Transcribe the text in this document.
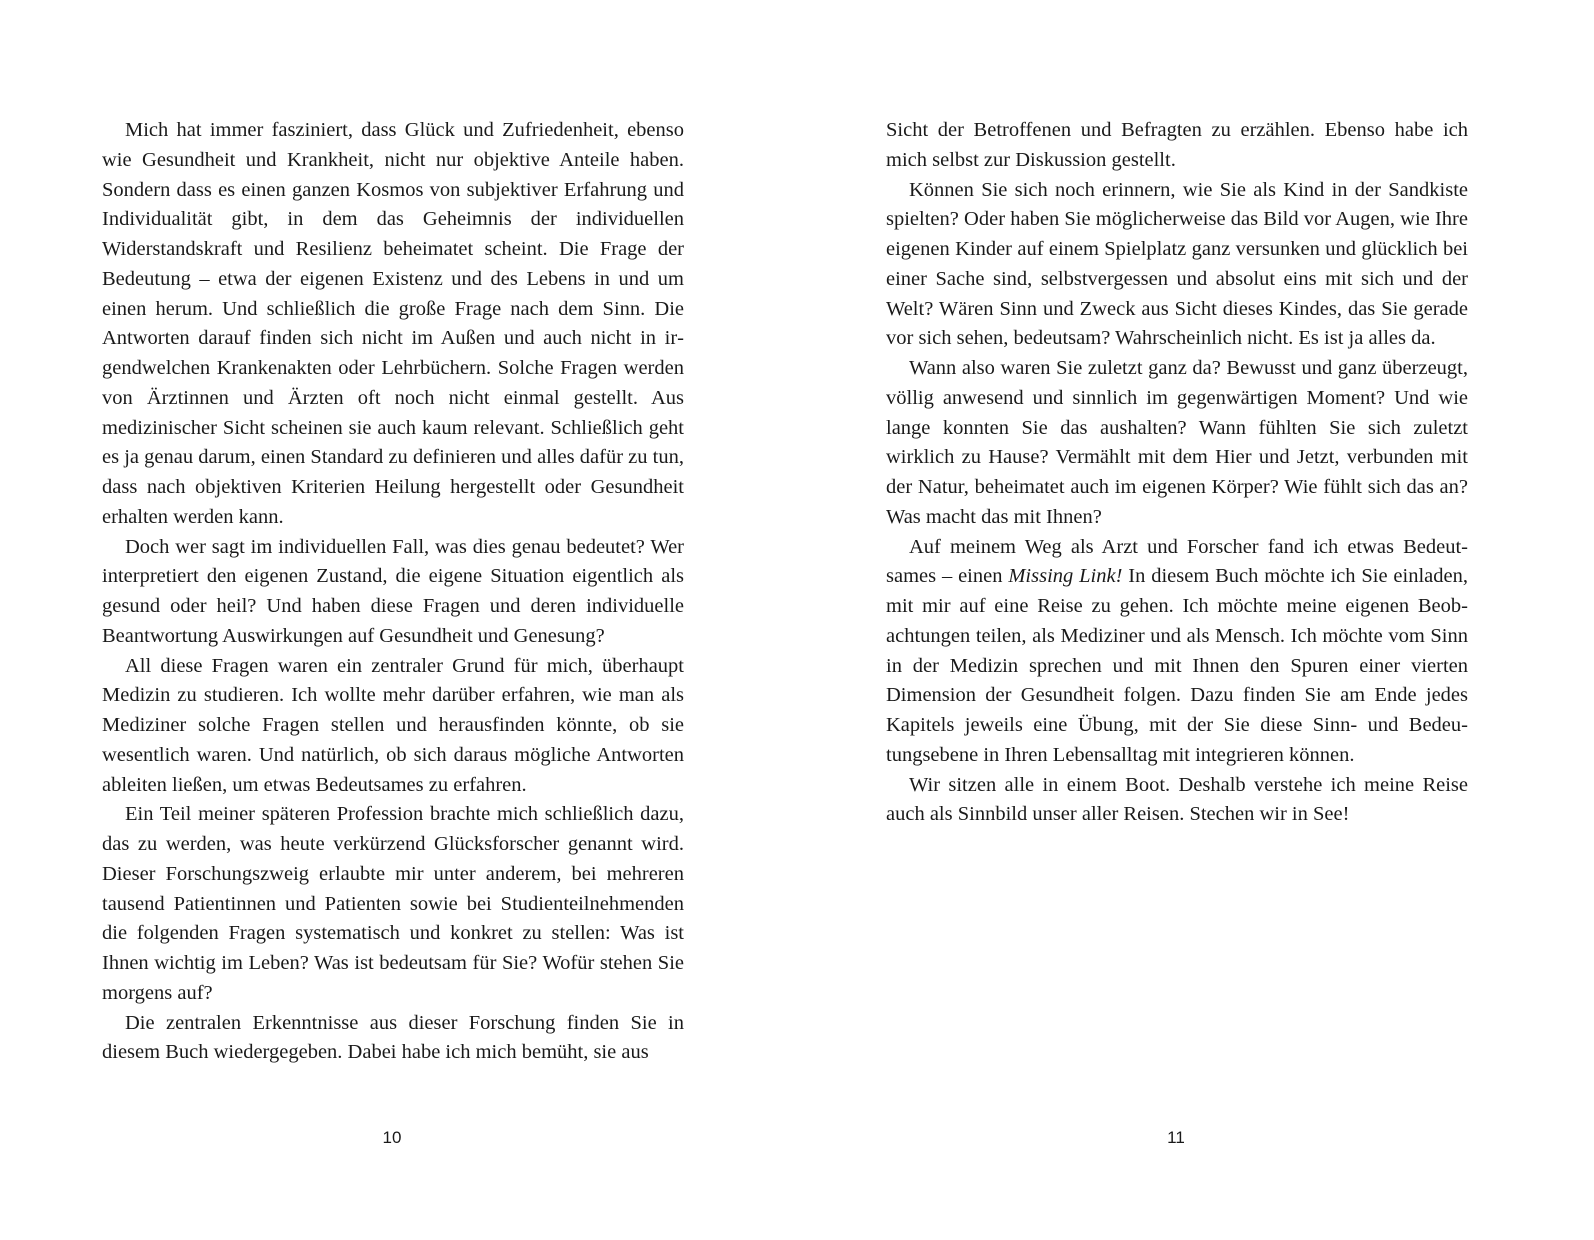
Mich hat immer fasziniert, dass Glück und Zufriedenheit, ebenso wie Gesundheit und Krankheit, nicht nur objektive Anteile haben. Sondern dass es einen ganzen Kosmos von subjektiver Erfahrung und Individualität gibt, in dem das Geheimnis der individuellen Widerstandskraft und Resilienz beheimatet scheint. Die Frage der Bedeutung – etwa der eigenen Existenz und des Lebens in und um einen herum. Und schließlich die große Frage nach dem Sinn. Die Antworten darauf finden sich nicht im Außen und auch nicht in irgendwelchen Krankenakten oder Lehrbüchern. Solche Fragen werden von Ärztinnen und Ärzten oft noch nicht einmal gestellt. Aus medizinischer Sicht scheinen sie auch kaum relevant. Schließlich geht es ja genau darum, einen Standard zu definieren und alles dafür zu tun, dass nach objektiven Kriterien Heilung hergestellt oder Gesundheit erhalten werden kann.

Doch wer sagt im individuellen Fall, was dies genau bedeutet? Wer interpretiert den eigenen Zustand, die eigene Situation eigentlich als gesund oder heil? Und haben diese Fragen und deren individuelle Beantwortung Auswirkungen auf Gesundheit und Genesung?

All diese Fragen waren ein zentraler Grund für mich, überhaupt Medizin zu studieren. Ich wollte mehr darüber erfahren, wie man als Mediziner solche Fragen stellen und herausfinden könnte, ob sie wesentlich waren. Und natürlich, ob sich daraus mögliche Antworten ableiten ließen, um etwas Bedeutsames zu erfahren.

Ein Teil meiner späteren Profession brachte mich schließlich dazu, das zu werden, was heute verkürzend Glücksforscher genannt wird. Dieser Forschungszweig erlaubte mir unter anderem, bei mehreren tausend Patientinnen und Patienten sowie bei Studienteilnehmenden die folgenden Fragen systematisch und konkret zu stellen: Was ist Ihnen wichtig im Leben? Was ist bedeutsam für Sie? Wofür stehen Sie morgens auf?

Die zentralen Erkenntnisse aus dieser Forschung finden Sie in diesem Buch wiedergegeben. Dabei habe ich mich bemüht, sie aus

10

Sicht der Betroffenen und Befragten zu erzählen. Ebenso habe ich mich selbst zur Diskussion gestellt.

Können Sie sich noch erinnern, wie Sie als Kind in der Sandkiste spielten? Oder haben Sie möglicherweise das Bild vor Augen, wie Ihre eigenen Kinder auf einem Spielplatz ganz versunken und glücklich bei einer Sache sind, selbstvergessen und absolut eins mit sich und der Welt? Wären Sinn und Zweck aus Sicht dieses Kindes, das Sie gerade vor sich sehen, bedeutsam? Wahrscheinlich nicht. Es ist ja alles da.

Wann also waren Sie zuletzt ganz da? Bewusst und ganz überzeugt, völlig anwesend und sinnlich im gegenwärtigen Moment? Und wie lange konnten Sie das aushalten? Wann fühlten Sie sich zuletzt wirklich zu Hause? Vermählt mit dem Hier und Jetzt, verbunden mit der Natur, beheimatet auch im eigenen Körper? Wie fühlt sich das an? Was macht das mit Ihnen?

Auf meinem Weg als Arzt und Forscher fand ich etwas Bedeutsames – einen Missing Link! In diesem Buch möchte ich Sie einladen, mit mir auf eine Reise zu gehen. Ich möchte meine eigenen Beobachtungen teilen, als Mediziner und als Mensch. Ich möchte vom Sinn in der Medizin sprechen und mit Ihnen den Spuren einer vierten Dimension der Gesundheit folgen. Dazu finden Sie am Ende jedes Kapitels jeweils eine Übung, mit der Sie diese Sinn- und Bedeutungsebene in Ihren Lebensalltag mit integrieren können.

Wir sitzen alle in einem Boot. Deshalb verstehe ich meine Reise auch als Sinnbild unser aller Reisen. Stechen wir in See!

11
